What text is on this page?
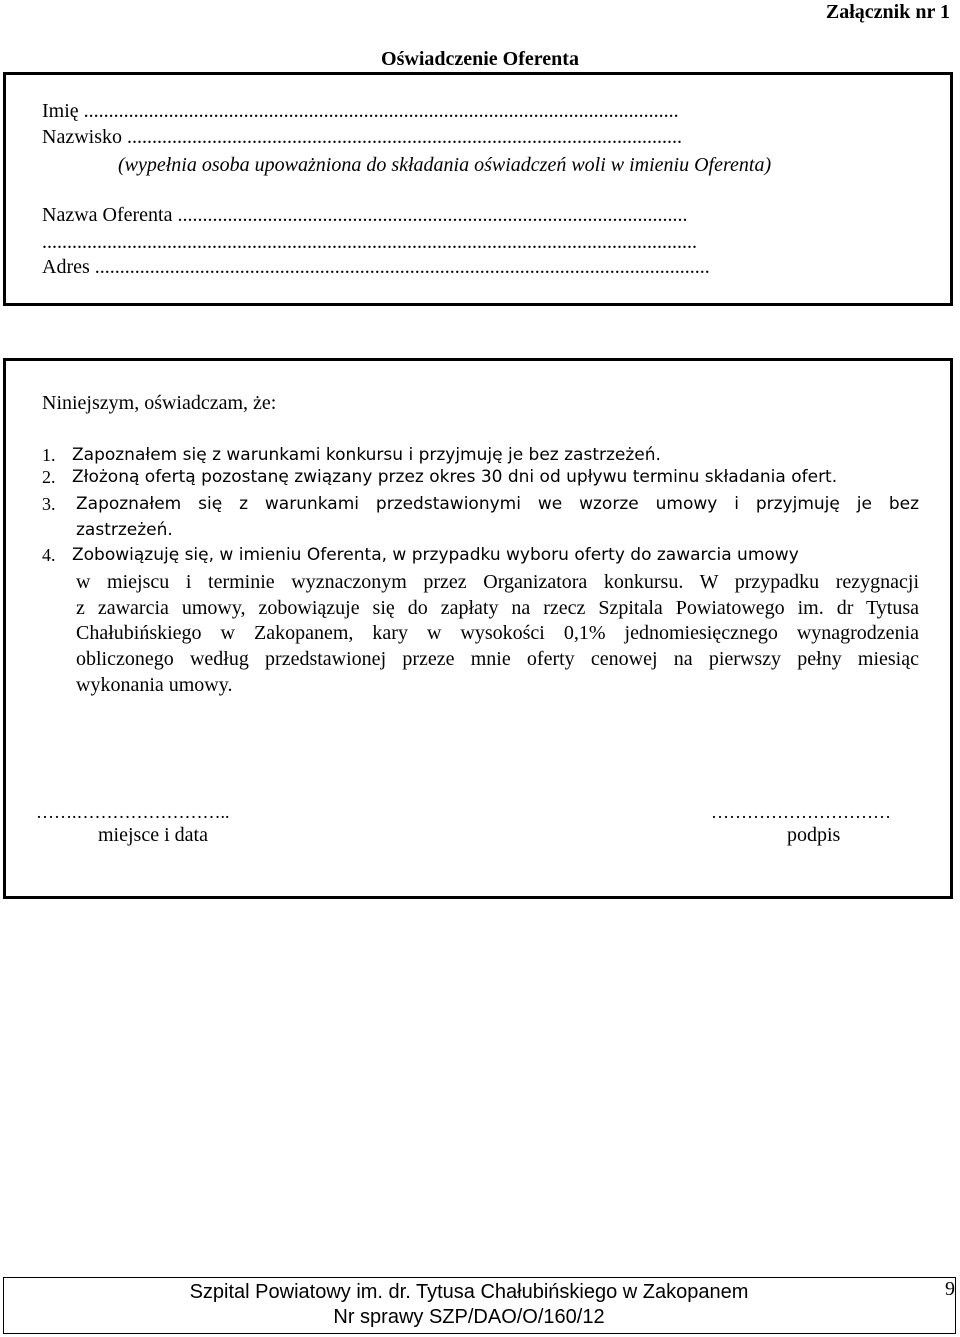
Załącznik nr 1
Oświadczenie Oferenta
Imię .......................................................................................................................
Nazwisko ...............................................................................................................
(wypełnia osoba upoważniona do składania oświadczeń woli w imieniu Oferenta)
Nazwa Oferenta ......................................................................................................
...................................................................................................................................
Adres ...........................................................................................................................
Niniejszym, oświadczam, że:
1. Zapoznałem się z warunkami konkursu i przyjmuję je bez zastrzeżeń.
2. Złożoną ofertą pozostanę związany przez okres 30 dni od upływu terminu składania ofert.
3. Zapoznałem się z warunkami przedstawionymi we wzorze umowy i przyjmuję je bez
zastrzeżeń.
4. Zobowiązuję się, w imieniu Oferenta, w przypadku wyboru oferty do zawarcia umowy
w miejscu i terminie wyznaczonym przez Organizatora konkursu. W przypadku rezygnacji
z zawarcia umowy, zobowiązuje się do zapłaty na rzecz Szpitala Powiatowego im. dr Tytusa
Chałubińskiego w Zakopanem, kary w wysokości 0,1% jednomiesięcznego wynagrodzenia
obliczonego według przedstawionej przeze mnie oferty cenowej na pierwszy pełny miesiąc
wykonania umowy.
…….……………………..
miejsce i data
…………………………
podpis
Szpital Powiatowy im. dr. Tytusa Chałubińskiego w Zakopanem
Nr sprawy SZP/DAO/O/160/12
9
